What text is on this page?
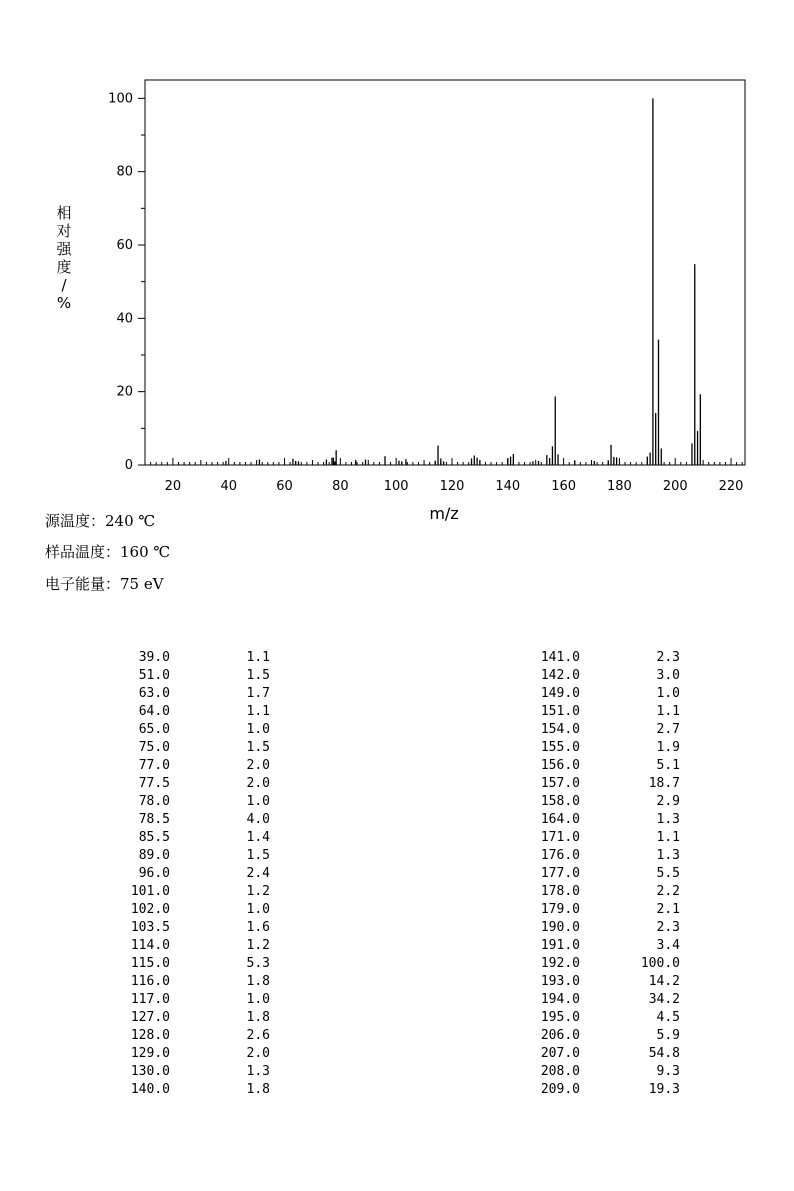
20	40	60	80	100 120 140 160 180 200 220
0
20
40
60
80
100
相
对
强
度
/
%
m/z
源温度：240 ℃
样品温度：160 ℃
电子能量：75 eV
39.0	1.1
51.0	1.5
63.0	1.7
64.0	1.1
65.0	1.0
75.0	1.5
77.0	2.0
77.5	2.0
78.0	1.0
78.5	4.0
85.5	1.4
89.0	1.5
96.0	2.4
101.0	1.2
102.0	1.0
103.5	1.6
114.0	1.2
115.0	5.3
116.0	1.8
117.0	1.0
127.0	1.8
128.0	2.6
129.0	2.0
130.0	1.3
140.0	1.8
141.0	2.3
142.0	3.0
149.0	1.0
151.0	1.1
154.0	2.7
155.0	1.9
156.0	5.1
157.0	18.7
158.0	2.9
164.0	1.3
171.0	1.1
176.0	1.3
177.0	5.5
178.0	2.2
179.0	2.1
190.0	2.3
191.0	3.4
192.0	100.0
193.0	14.2
194.0	34.2
195.0	4.5
206.0	5.9
207.0	54.8
208.0	9.3
209.0	19.3
